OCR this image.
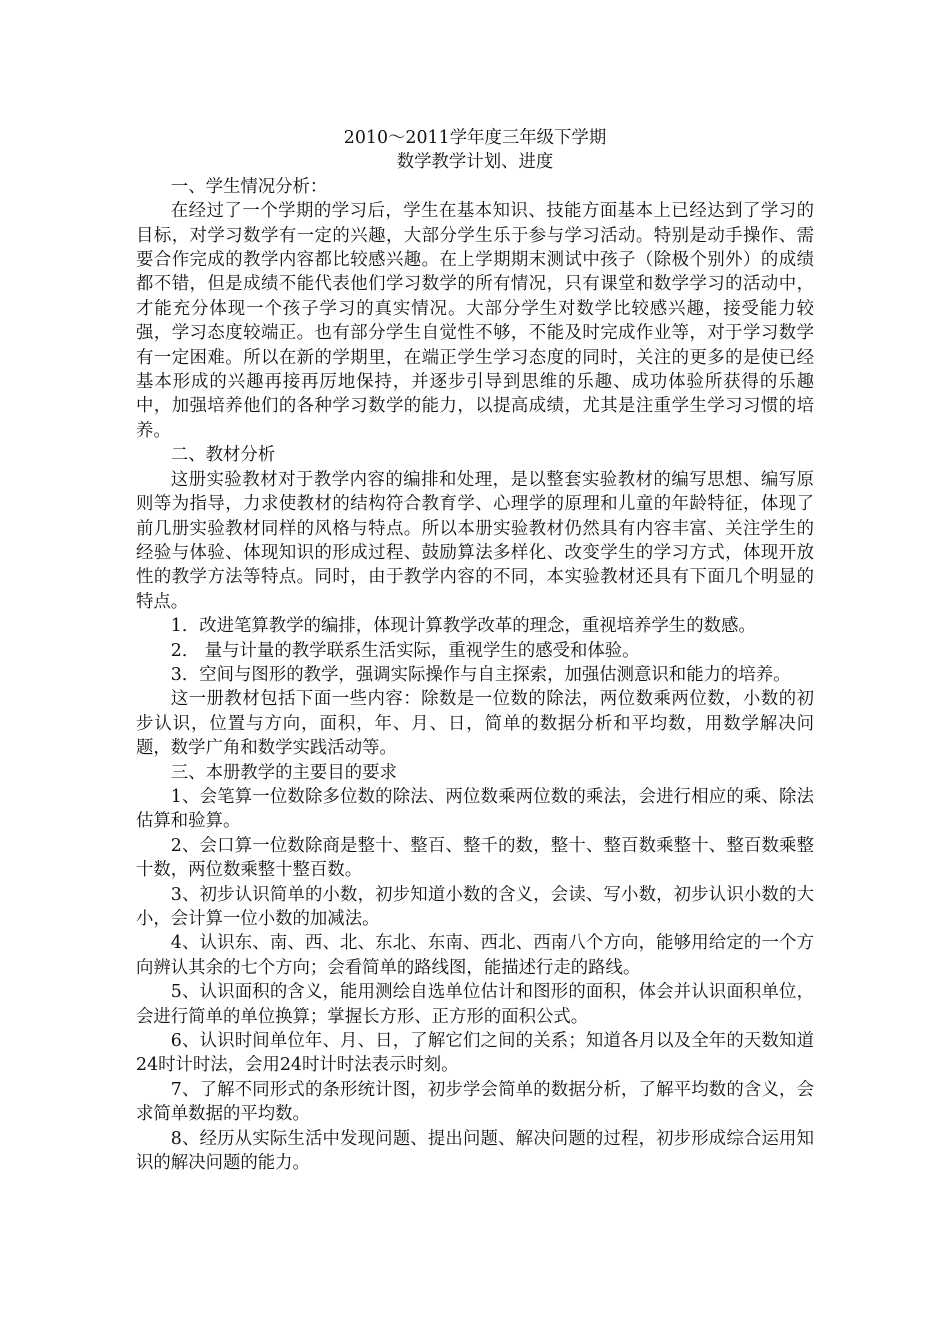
2010～2011学年度三年级下学期
数学教学计划、进度
一、学生情况分析：
在经过了一个学期的学习后，学生在基本知识、技能方面基本上已经达到了学习的目标，对学习数学有一定的兴趣，大部分学生乐于参与学习活动。特别是动手操作、需要合作完成的教学内容都比较感兴趣。在上学期期末测试中孩子（除极个别外）的成绩都不错，但是成绩不能代表他们学习数学的所有情况，只有课堂和数学学习的活动中，才能充分体现一个孩子学习的真实情况。大部分学生对数学比较感兴趣，接受能力较强，学习态度较端正。也有部分学生自觉性不够，不能及时完成作业等，对于学习数学有一定困难。所以在新的学期里，在端正学生学习态度的同时，关注的更多的是使已经基本形成的兴趣再接再厉地保持，并逐步引导到思维的乐趣、成功体验所获得的乐趣中，加强培养他们的各种学习数学的能力，以提高成绩，尤其是注重学生学习习惯的培养。
二、教材分析
这册实验教材对于教学内容的编排和处理，是以整套实验教材的编写思想、编写原则等为指导，力求使教材的结构符合教育学、心理学的原理和儿童的年龄特征，体现了前几册实验教材同样的风格与特点。所以本册实验教材仍然具有内容丰富、关注学生的经验与体验、体现知识的形成过程、鼓励算法多样化、改变学生的学习方式，体现开放性的教学方法等特点。同时，由于教学内容的不同，本实验教材还具有下面几个明显的特点。
1．改进笔算教学的编排，体现计算教学改革的理念，重视培养学生的数感。
2． 量与计量的教学联系生活实际，重视学生的感受和体验。
3．空间与图形的教学，强调实际操作与自主探索，加强估测意识和能力的培养。
这一册教材包括下面一些内容：除数是一位数的除法，两位数乘两位数，小数的初步认识，位置与方向，面积，年、月、日，简单的数据分析和平均数，用数学解决问题，数学广角和数学实践活动等。
三、本册教学的主要目的要求
1、会笔算一位数除多位数的除法、两位数乘两位数的乘法，会进行相应的乘、除法估算和验算。
2、会口算一位数除商是整十、整百、整千的数，整十、整百数乘整十、整百数乘整十数，两位数乘整十整百数。
3、初步认识简单的小数，初步知道小数的含义，会读、写小数，初步认识小数的大小，会计算一位小数的加减法。
4、认识东、南、西、北、东北、东南、西北、西南八个方向，能够用给定的一个方向辨认其余的七个方向；会看简单的路线图，能描述行走的路线。
5、认识面积的含义，能用测绘自选单位估计和图形的面积，体会并认识面积单位，会进行简单的单位换算；掌握长方形、正方形的面积公式。
6、认识时间单位年、月、日，了解它们之间的关系；知道各月以及全年的天数知道24时计时法，会用24时计时法表示时刻。
7、了解不同形式的条形统计图，初步学会简单的数据分析，了解平均数的含义，会求简单数据的平均数。
8、经历从实际生活中发现问题、提出问题、解决问题的过程，初步形成综合运用知识的解决问题的能力。
